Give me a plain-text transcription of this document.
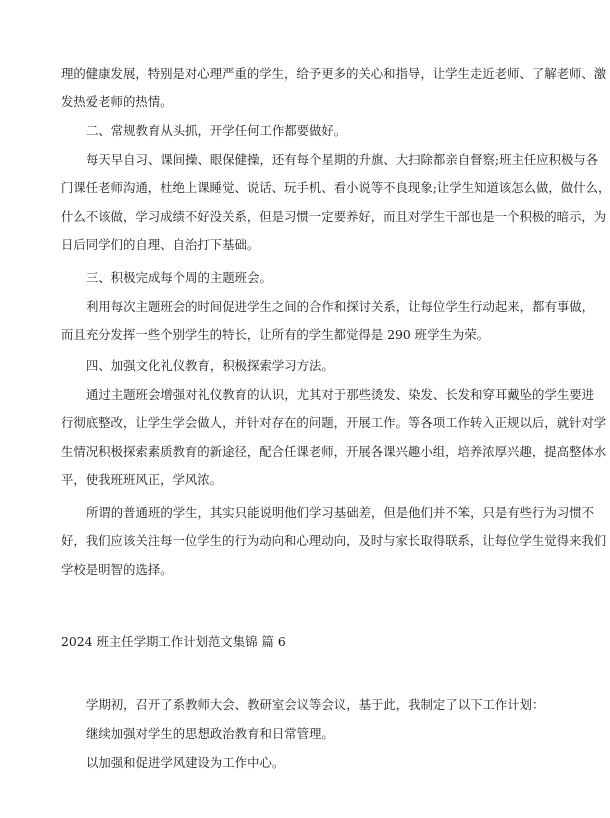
理的健康发展，特别是对心理严重的学生，给予更多的关心和指导，让学生走近老师、了解老师、激
发热爱老师的热情。
二、常规教育从头抓，开学任何工作都要做好。
每天早自习、课间操、眼保健操，还有每个星期的升旗、大扫除都亲自督察;班主任应积极与各
门课任老师沟通，杜绝上课睡觉、说话、玩手机、看小说等不良现象;让学生知道该怎么做，做什么，
什么不该做，学习成绩不好没关系，但是习惯一定要养好，而且对学生干部也是一个积极的暗示，为
日后同学们的自理、自治打下基础。
三、积极完成每个周的主题班会。
利用每次主题班会的时间促进学生之间的合作和探讨关系，让每位学生行动起来，都有事做，
而且充分发挥一些个别学生的特长，让所有的学生都觉得是 290 班学生为荣。
四、加强文化礼仪教育，积极探索学习方法。
通过主题班会增强对礼仪教育的认识，尤其对于那些烫发、染发、长发和穿耳戴坠的学生要进
行彻底整改，让学生学会做人，并针对存在的问题，开展工作。等各项工作转入正规以后，就针对学
生情况积极探索素质教育的新途径，配合任课老师，开展各课兴趣小组，培养浓厚兴趣，提高整体水
平，使我班班风正，学风浓。
所谓的普通班的学生，其实只能说明他们学习基础差，但是他们并不笨，只是有些行为习惯不
好，我们应该关注每一位学生的行为动向和心理动向，及时与家长取得联系，让每位学生觉得来我们
学校是明智的选择。
2024 班主任学期工作计划范文集锦 篇 6
学期初，召开了系教师大会、教研室会议等会议，基于此，我制定了以下工作计划：
继续加强对学生的思想政治教育和日常管理。
以加强和促进学风建设为工作中心。
